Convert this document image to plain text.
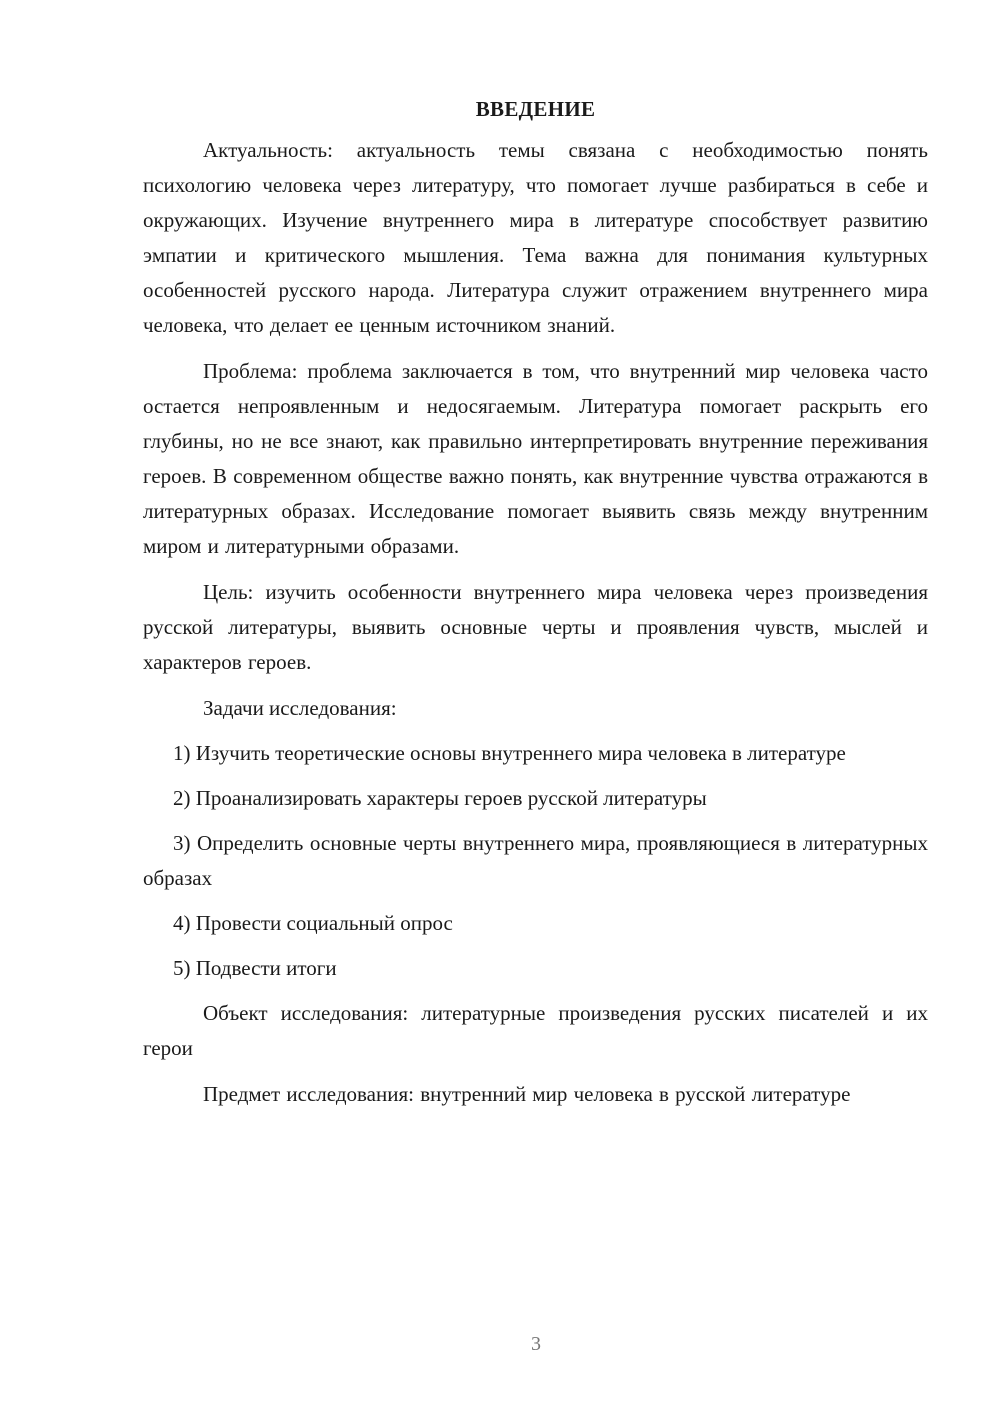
ВВЕДЕНИЕ

Актуальность: актуальность темы связана с необходимостью понять психологию человека через литературу, что помогает лучше разбираться в себе и окружающих. Изучение внутреннего мира в литературе способствует развитию эмпатии и критического мышления. Тема важна для понимания культурных особенностей русского народа. Литература служит отражением внутреннего мира человека, что делает ее ценным источником знаний.

Проблема: проблема заключается в том, что внутренний мир человека часто остается непроявленным и недосягаемым. Литература помогает раскрыть его глубины, но не все знают, как правильно интерпретировать внутренние переживания героев. В современном обществе важно понять, как внутренние чувства отражаются в литературных образах. Исследование помогает выявить связь между внутренним миром и литературными образами.

Цель: изучить особенности внутреннего мира человека через произведения русской литературы, выявить основные черты и проявления чувств, мыслей и характеров героев.

Задачи исследования:

1) Изучить теоретические основы внутреннего мира человека в литературе

2) Проанализировать характеры героев русской литературы

3) Определить основные черты внутреннего мира, проявляющиеся в литературных образах

4) Провести социальный опрос

5) Подвести итоги

Объект исследования: литературные произведения русских писателей и их герои

Предмет исследования: внутренний мир человека в русской литературе

3
